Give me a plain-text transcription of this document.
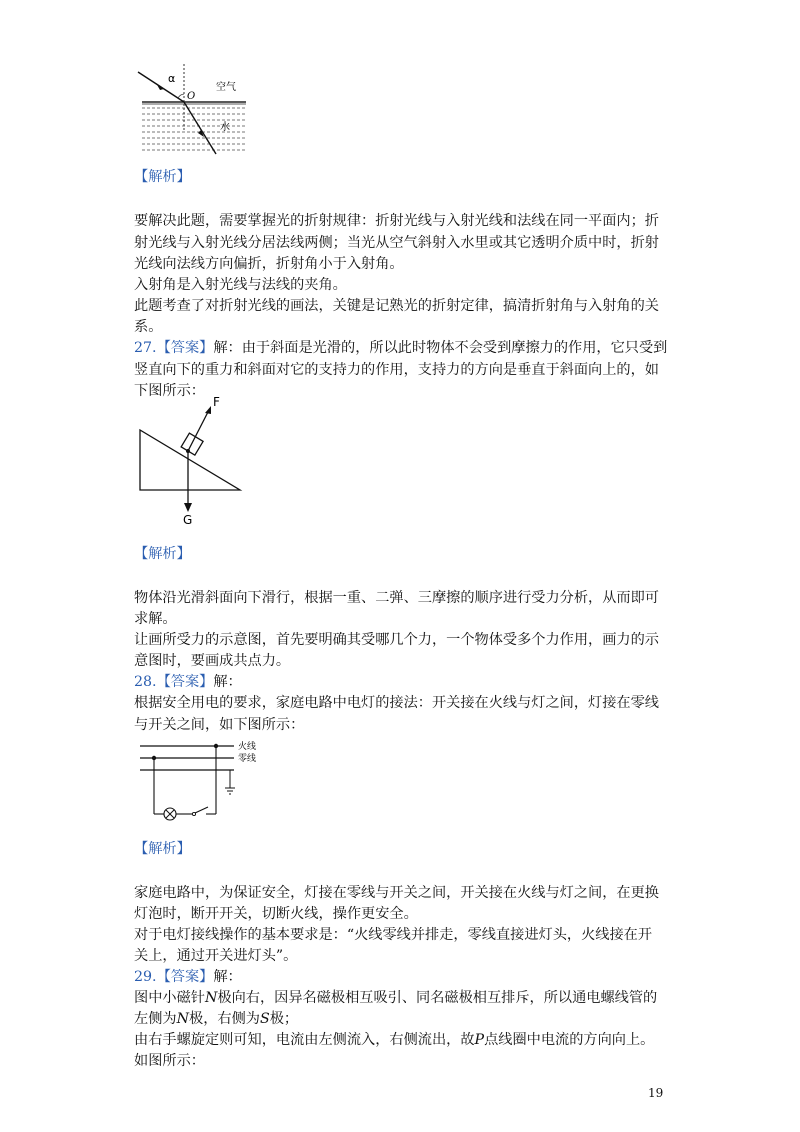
α
O
空气
水
【解析】
要解决此题，需要掌握光的折射规律：折射光线与入射光线和法线在同一平面内；折
射光线与入射光线分居法线两侧；当光从空气斜射入水里或其它透明介质中时，折射
光线向法线方向偏折，折射角小于入射角。
入射角是入射光线与法线的夹角。
此题考查了对折射光线的画法，关键是记熟光的折射定律，搞清折射角与入射角的关
系。
27.【答案】解：由于斜面是光滑的，所以此时物体不会受到摩擦力的作用，它只受到
竖直向下的重力和斜面对它的支持力的作用，支持力的方向是垂直于斜面向上的，如
下图所示：
F
G
【解析】
物体沿光滑斜面向下滑行，根据一重、二弹、三摩擦的顺序进行受力分析，从而即可
求解。
让画所受力的示意图，首先要明确其受哪几个力，一个物体受多个力作用，画力的示
意图时，要画成共点力。
28.【答案】解：
根据安全用电的要求，家庭电路中电灯的接法：开关接在火线与灯之间，灯接在零线
与开关之间，如下图所示：
火线
零线
【解析】
家庭电路中，为保证安全，灯接在零线与开关之间，开关接在火线与灯之间，在更换
灯泡时，断开开关，切断火线，操作更安全。
对于电灯接线操作的基本要求是：“火线零线并排走，零线直接进灯头，火线接在开
关上，通过开关进灯头”。
29.【答案】解：
图中小磁针N极向右，因异名磁极相互吸引、同名磁极相互排斥，所以通电螺线管的
左侧为N极，右侧为S极；
由右手螺旋定则可知，电流由左侧流入，右侧流出，故P点线圈中电流的方向向上。
如图所示：
19
